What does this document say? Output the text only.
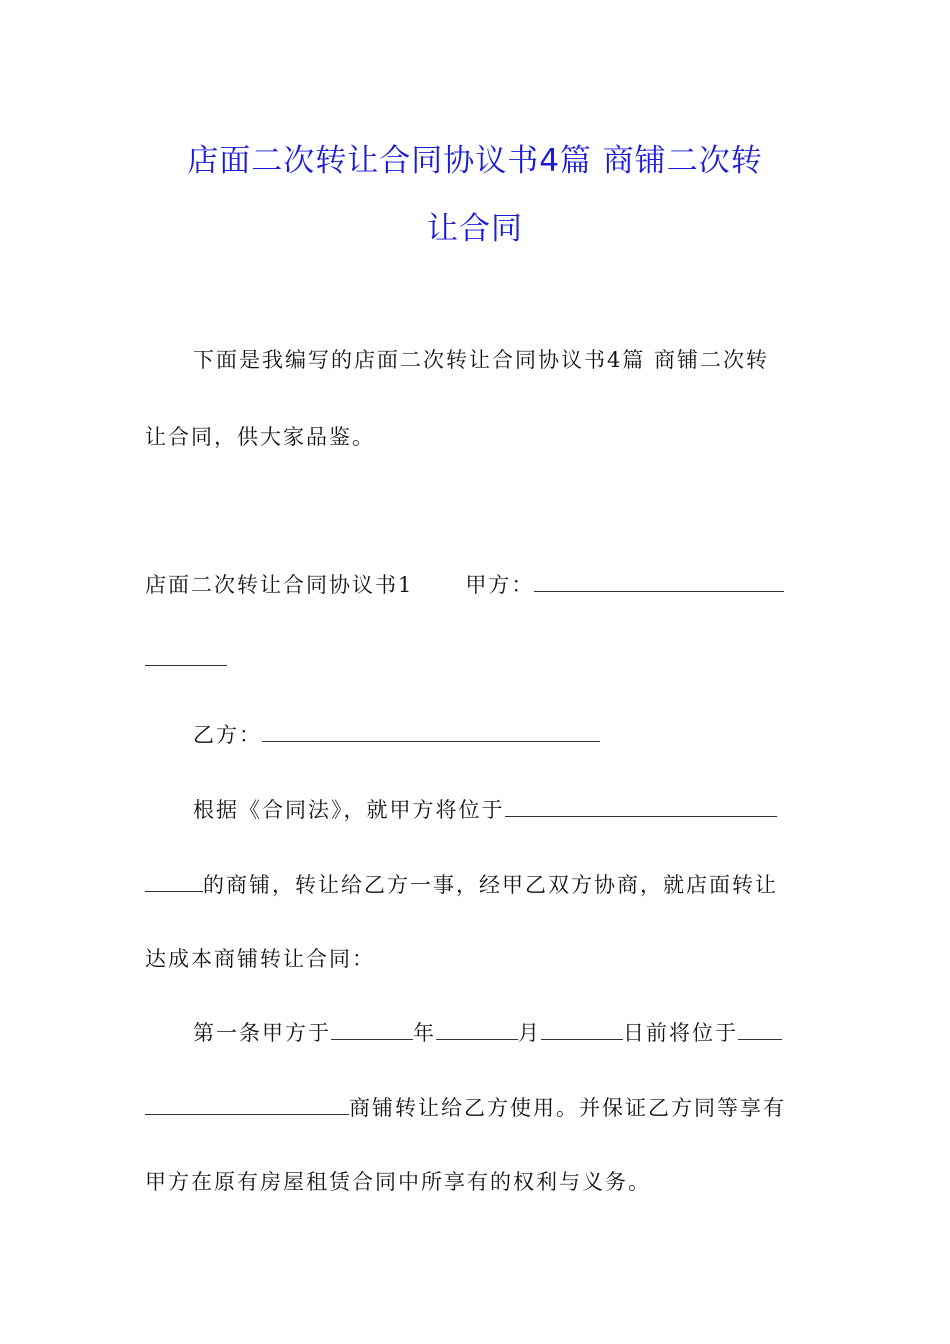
店面二次转让合同协议书4篇 商铺二次转
让合同
下面是我编写的店面二次转让合同协议书4篇 商铺二次转
让合同，供大家品鉴。
店面二次转让合同协议书1 甲方：
乙方：
根据《合同法》，就甲方将位于
的商铺，转让给乙方一事，经甲乙双方协商，就店面转让
达成本商铺转让合同：
第一条甲方于	年	月	日前将位于
商铺转让给乙方使用。并保证乙方同等享有
甲方在原有房屋租赁合同中所享有的权利与义务。
